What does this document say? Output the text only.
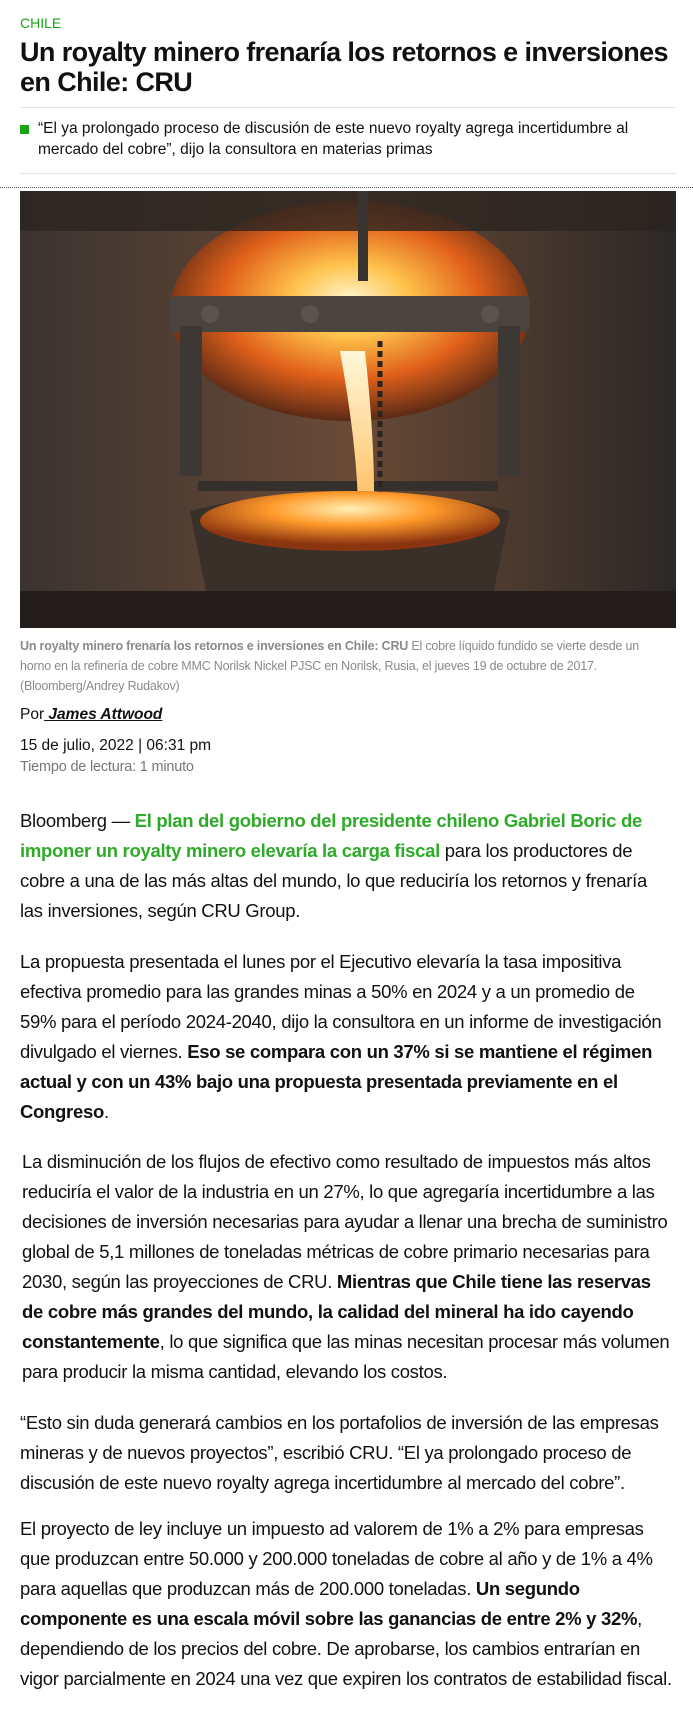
CHILE
Un royalty minero frenaría los retornos e inversiones en Chile: CRU
“El ya prolongado proceso de discusión de este nuevo royalty agrega incertidumbre al mercado del cobre”, dijo la consultora en materias primas
Un royalty minero frenaría los retornos e inversiones en Chile: CRU El cobre líquido fundido se vierte desde un horno en la refinería de cobre MMC Norilsk Nickel PJSC en Norilsk, Rusia, el jueves 19 de octubre de 2017. (Bloomberg/Andrey Rudakov)
Por James Attwood
15 de julio, 2022 | 06:31 pm
Tiempo de lectura: 1 minuto

Bloomberg — El plan del gobierno del presidente chileno Gabriel Boric de imponer un royalty minero elevaría la carga fiscal para los productores de cobre a una de las más altas del mundo, lo que reduciría los retornos y frenaría las inversiones, según CRU Group.

La propuesta presentada el lunes por el Ejecutivo elevaría la tasa impositiva efectiva promedio para las grandes minas a 50% en 2024 y a un promedio de 59% para el período 2024-2040, dijo la consultora en un informe de investigación divulgado el viernes. Eso se compara con un 37% si se mantiene el régimen actual y con un 43% bajo una propuesta presentada previamente en el Congreso.

La disminución de los flujos de efectivo como resultado de impuestos más altos reduciría el valor de la industria en un 27%, lo que agregaría incertidumbre a las decisiones de inversión necesarias para ayudar a llenar una brecha de suministro global de 5,1 millones de toneladas métricas de cobre primario necesarias para 2030, según las proyecciones de CRU. Mientras que Chile tiene las reservas de cobre más grandes del mundo, la calidad del mineral ha ido cayendo constantemente, lo que significa que las minas necesitan procesar más volumen para producir la misma cantidad, elevando los costos.

“Esto sin duda generará cambios en los portafolios de inversión de las empresas mineras y de nuevos proyectos”, escribió CRU. “El ya prolongado proceso de discusión de este nuevo royalty agrega incertidumbre al mercado del cobre”.

El proyecto de ley incluye un impuesto ad valorem de 1% a 2% para empresas que produzcan entre 50.000 y 200.000 toneladas de cobre al año y de 1% a 4% para aquellas que produzcan más de 200.000 toneladas. Un segundo componente es una escala móvil sobre las ganancias de entre 2% y 32%, dependiendo de los precios del cobre. De aprobarse, los cambios entrarían en vigor parcialmente en 2024 una vez que expiren los contratos de estabilidad fiscal.
